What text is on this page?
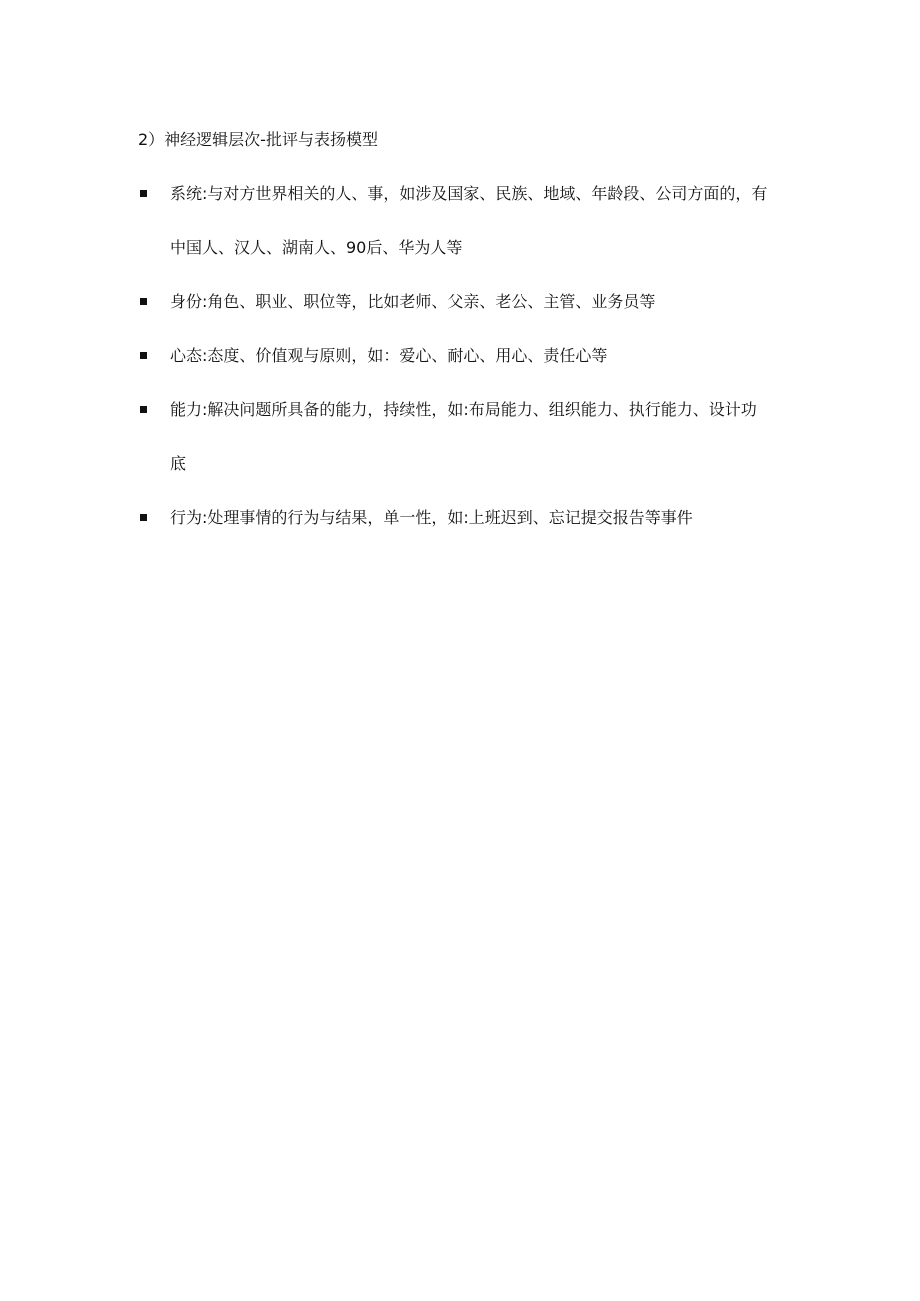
2）神经逻辑层次-批评与表扬模型
系统:与对方世界相关的人、事，如涉及国家、民族、地域、年龄段、公司方面的，有中国人、汉人、湖南人、90后、华为人等
身份:角色、职业、职位等，比如老师、父亲、老公、主管、业务员等
心态:态度、价值观与原则，如：爱心、耐心、用心、责任心等
能力:解决问题所具备的能力，持续性，如:布局能力、组织能力、执行能力、设计功底
行为:处理事情的行为与结果，单一性，如:上班迟到、忘记提交报告等事件
